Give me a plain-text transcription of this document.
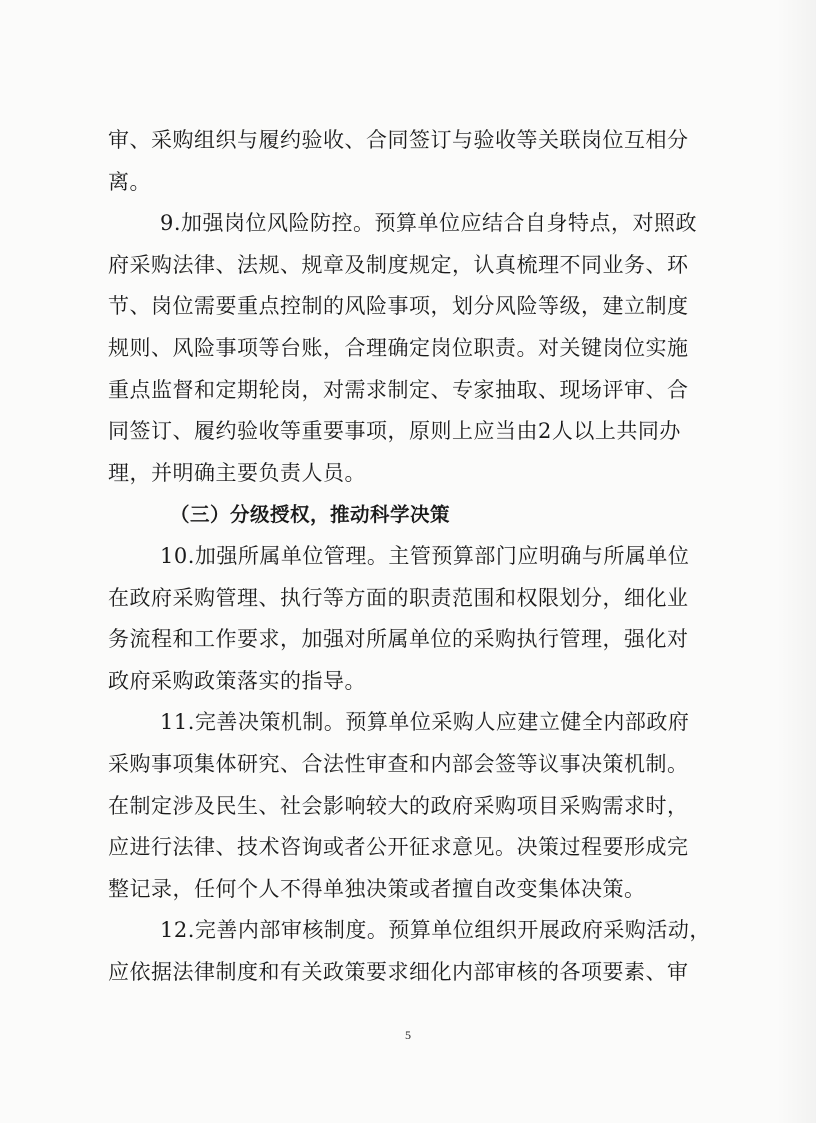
审、采购组织与履约验收、合同签订与验收等关联岗位互相分
离。
9.加强岗位风险防控。预算单位应结合自身特点，对照政
府采购法律、法规、规章及制度规定，认真梳理不同业务、环
节、岗位需要重点控制的风险事项，划分风险等级，建立制度
规则、风险事项等台账，合理确定岗位职责。对关键岗位实施
重点监督和定期轮岗，对需求制定、专家抽取、现场评审、合
同签订、履约验收等重要事项，原则上应当由2人以上共同办
理，并明确主要负责人员。
（三）分级授权，推动科学决策
10.加强所属单位管理。主管预算部门应明确与所属单位
在政府采购管理、执行等方面的职责范围和权限划分，细化业
务流程和工作要求，加强对所属单位的采购执行管理，强化对
政府采购政策落实的指导。
11.完善决策机制。预算单位采购人应建立健全内部政府
采购事项集体研究、合法性审查和内部会签等议事决策机制。
在制定涉及民生、社会影响较大的政府采购项目采购需求时，
应进行法律、技术咨询或者公开征求意见。决策过程要形成完
整记录，任何个人不得单独决策或者擅自改变集体决策。
12.完善内部审核制度。预算单位组织开展政府采购活动，
应依据法律制度和有关政策要求细化内部审核的各项要素、审
5
